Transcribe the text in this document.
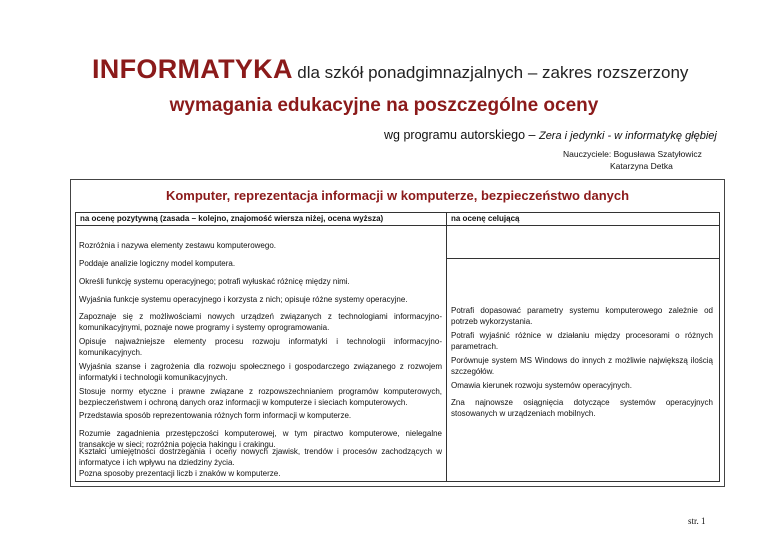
INFORMATYKA dla szkół ponadgimnazjalnych – zakres rozszerzony
wymagania edukacyjne na poszczególne oceny
wg programu autorskiego – Zera i jedynki - w informatykę głębiej
Nauczyciele: Bogusława Szatyłowicz
Katarzyna Detka
Komputer, reprezentacja informacji w komputerze, bezpieczeństwo danych
na ocenę pozytywną (zasada – kolejno, znajomość wiersza niżej, ocena wyższa)	na ocenę celującą
Rozróżnia i nazywa elementy zestawu komputerowego.
Poddaje analizie logiczny model komputera.
Określi funkcję systemu operacyjnego; potrafi wyłuskać różnicę między nimi.
Wyjaśnia funkcje systemu operacyjnego i korzysta z nich; opisuje różne systemy operacyjne.
Zapoznaje się z możliwościami nowych urządzeń związanych z technologiami informacyjno-komunikacyjnymi, poznaje nowe programy i systemy oprogramowania.
Opisuje najważniejsze elementy procesu rozwoju informatyki i technologii informacyjno-komunikacyjnych.
Wyjaśnia szanse i zagrożenia dla rozwoju społecznego i gospodarczego związanego z rozwojem informatyki i technologii komunikacyjnych.
Stosuje normy etyczne i prawne związane z rozpowszechnianiem programów komputerowych, bezpieczeństwem i ochroną danych oraz informacji w komputerze i sieciach komputerowych.
Przedstawia sposób reprezentowania różnych form informacji w komputerze.
Rozumie zagadnienia przestępczości komputerowej, w tym piractwo komputerowe, nielegalne transakcje w sieci; rozróżnia pojęcia hakingu i crakingu.
Kształci umiejętności dostrzegania i oceny nowych zjawisk, trendów i procesów zachodzących w informatyce i ich wpływu na dziedziny życia.
Pozna sposoby prezentacji liczb i znaków w komputerze.
Potrafi dopasować parametry systemu komputerowego zależnie od potrzeb wykorzystania.
Potrafi wyjaśnić różnice w działaniu między procesorami o różnych parametrach.
Porównuje system MS Windows do innych z możliwie największą ilością szczegółów.
Omawia kierunek rozwoju systemów operacyjnych.
Zna najnowsze osiągnięcia dotyczące systemów operacyjnych stosowanych w urządzeniach mobilnych.
str. 1
